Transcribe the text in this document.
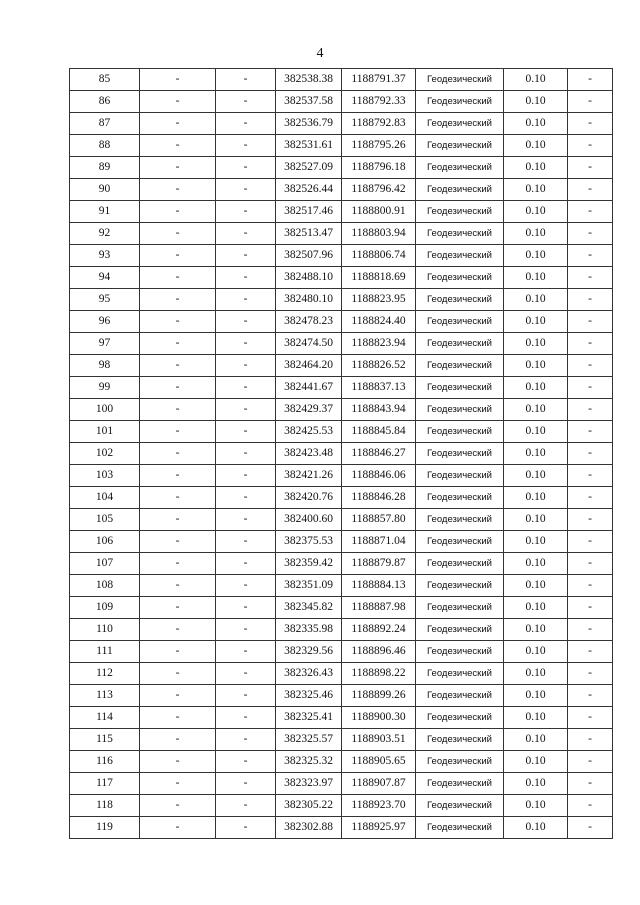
4
85	-	-	382538.38	1188791.37	Геодезический	0.10	-
86	-	-	382537.58	1188792.33	Геодезический	0.10	-
87	-	-	382536.79	1188792.83	Геодезический	0.10	-
88	-	-	382531.61	1188795.26	Геодезический	0.10	-
89	-	-	382527.09	1188796.18	Геодезический	0.10	-
90	-	-	382526.44	1188796.42	Геодезический	0.10	-
91	-	-	382517.46	1188800.91	Геодезический	0.10	-
92	-	-	382513.47	1188803.94	Геодезический	0.10	-
93	-	-	382507.96	1188806.74	Геодезический	0.10	-
94	-	-	382488.10	1188818.69	Геодезический	0.10	-
95	-	-	382480.10	1188823.95	Геодезический	0.10	-
96	-	-	382478.23	1188824.40	Геодезический	0.10	-
97	-	-	382474.50	1188823.94	Геодезический	0.10	-
98	-	-	382464.20	1188826.52	Геодезический	0.10	-
99	-	-	382441.67	1188837.13	Геодезический	0.10	-
100	-	-	382429.37	1188843.94	Геодезический	0.10	-
101	-	-	382425.53	1188845.84	Геодезический	0.10	-
102	-	-	382423.48	1188846.27	Геодезический	0.10	-
103	-	-	382421.26	1188846.06	Геодезический	0.10	-
104	-	-	382420.76	1188846.28	Геодезический	0.10	-
105	-	-	382400.60	1188857.80	Геодезический	0.10	-
106	-	-	382375.53	1188871.04	Геодезический	0.10	-
107	-	-	382359.42	1188879.87	Геодезический	0.10	-
108	-	-	382351.09	1188884.13	Геодезический	0.10	-
109	-	-	382345.82	1188887.98	Геодезический	0.10	-
110	-	-	382335.98	1188892.24	Геодезический	0.10	-
111	-	-	382329.56	1188896.46	Геодезический	0.10	-
112	-	-	382326.43	1188898.22	Геодезический	0.10	-
113	-	-	382325.46	1188899.26	Геодезический	0.10	-
114	-	-	382325.41	1188900.30	Геодезический	0.10	-
115	-	-	382325.57	1188903.51	Геодезический	0.10	-
116	-	-	382325.32	1188905.65	Геодезический	0.10	-
117	-	-	382323.97	1188907.87	Геодезический	0.10	-
118	-	-	382305.22	1188923.70	Геодезический	0.10	-
119	-	-	382302.88	1188925.97	Геодезический	0.10	-
